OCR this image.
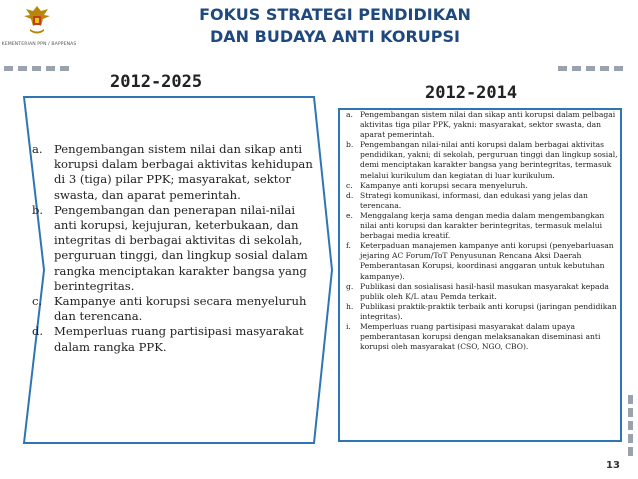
KEMENTERIAN PPN / BAPPENAS
FOKUS STRATEGI PENDIDIKAN
DAN BUDAYA ANTI KORUPSI
2012-2025
2012-2014
a. Pengembangan sistem nilai dan sikap anti korupsi dalam berbagai aktivitas kehidupan di 3 (tiga) pilar PPK; masyarakat, sektor swasta, dan aparat pemerintah.
b. Pengembangan dan penerapan nilai-nilai anti korupsi, kejujuran, keterbukaan, dan integritas di berbagai aktivitas di sekolah, perguruan tinggi, dan lingkup sosial dalam rangka menciptakan karakter bangsa yang berintegritas.
c. Kampanye anti korupsi secara menyeluruh dan terencana.
d. Memperluas ruang partisipasi masyarakat dalam rangka PPK.
a. Pengembangan sistem nilai dan sikap anti korupsi dalam pelbagai aktivitas tiga pilar PPK, yakni: masyarakat, sektor swasta, dan aparat pemerintah.
b. Pengembangan nilai-nilai anti korupsi dalam berbagai aktivitas pendidikan, yakni; di sekolah, perguruan tinggi dan lingkup sosial, demi menciptakan karakter bangsa yang berintegritas, termasuk melalui kurikulum dan kegiatan di luar kurikulum.
c. Kampanye anti korupsi secara menyeluruh.
d. Strategi komunikasi, informasi, dan edukasi yang jelas dan terencana.
e. Menggalang kerja sama dengan media dalam mengembangkan nilai anti korupsi dan karakter berintegritas, termasuk melalui berbagai media kreatif.
f. Keterpaduan manajemen kampanye anti korupsi (penyebarluasan jejaring AC Forum/ToT Penyusunan Rencana Aksi Daerah Pemberantasan Korupsi, koordinasi anggaran untuk kebutuhan kampanye).
g. Publikasi dan sosialisasi hasil-hasil masukan masyarakat kepada publik oleh K/L atau Pemda terkait.
h. Publikasi praktik-praktik terbaik anti korupsi (jaringan pendidikan integritas).
i. Memperluas ruang partisipasi masyarakat dalam upaya pemberantasan korupsi dengan melaksanakan diseminasi anti korupsi oleh masyarakat (CSO, NGO, CBO).
13
